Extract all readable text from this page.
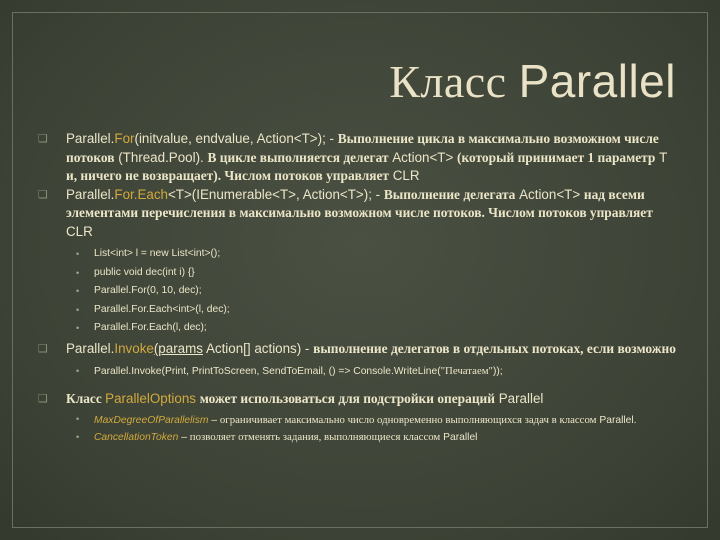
Класс Parallel
❑ Parallel.For(initvalue, endvalue, Action<T>); - Выполнение цикла в максимально возможном числе потоков (Thread.Pool). В цикле выполняется делегат Action<T> (который принимает 1 параметр T и, ничего не возвращает). Числом потоков управляет CLR
❑ Parallel.For.Each<T>(IEnumerable<T>, Action<T>); - Выполнение делегата Action<T> над всеми элементами перечисления в максимально возможном числе потоков. Числом потоков управляет CLR
• List<int> l = new List<int>();
• public void dec(int i) {}
• Parallel.For(0, 10, dec);
• Parallel.For.Each<int>(l, dec);
• Parallel.For.Each(l, dec);
❑ Parallel.Invoke(params Action[] actions) - выполнение делегатов в отдельных потоках, если возможно
• Parallel.Invoke(Print, PrintToScreen, SendToEmail, () => Console.WriteLine("Печатаем"));
❑ Класс ParallelOptions может использоваться для подстройки операций Parallel
• MaxDegreeOfParallelism – ограничивает максимально число одновременно выполняющихся задач в классом Parallel.
• CancellationToken – позволяет отменять задания, выполняющиеся классом Parallel
